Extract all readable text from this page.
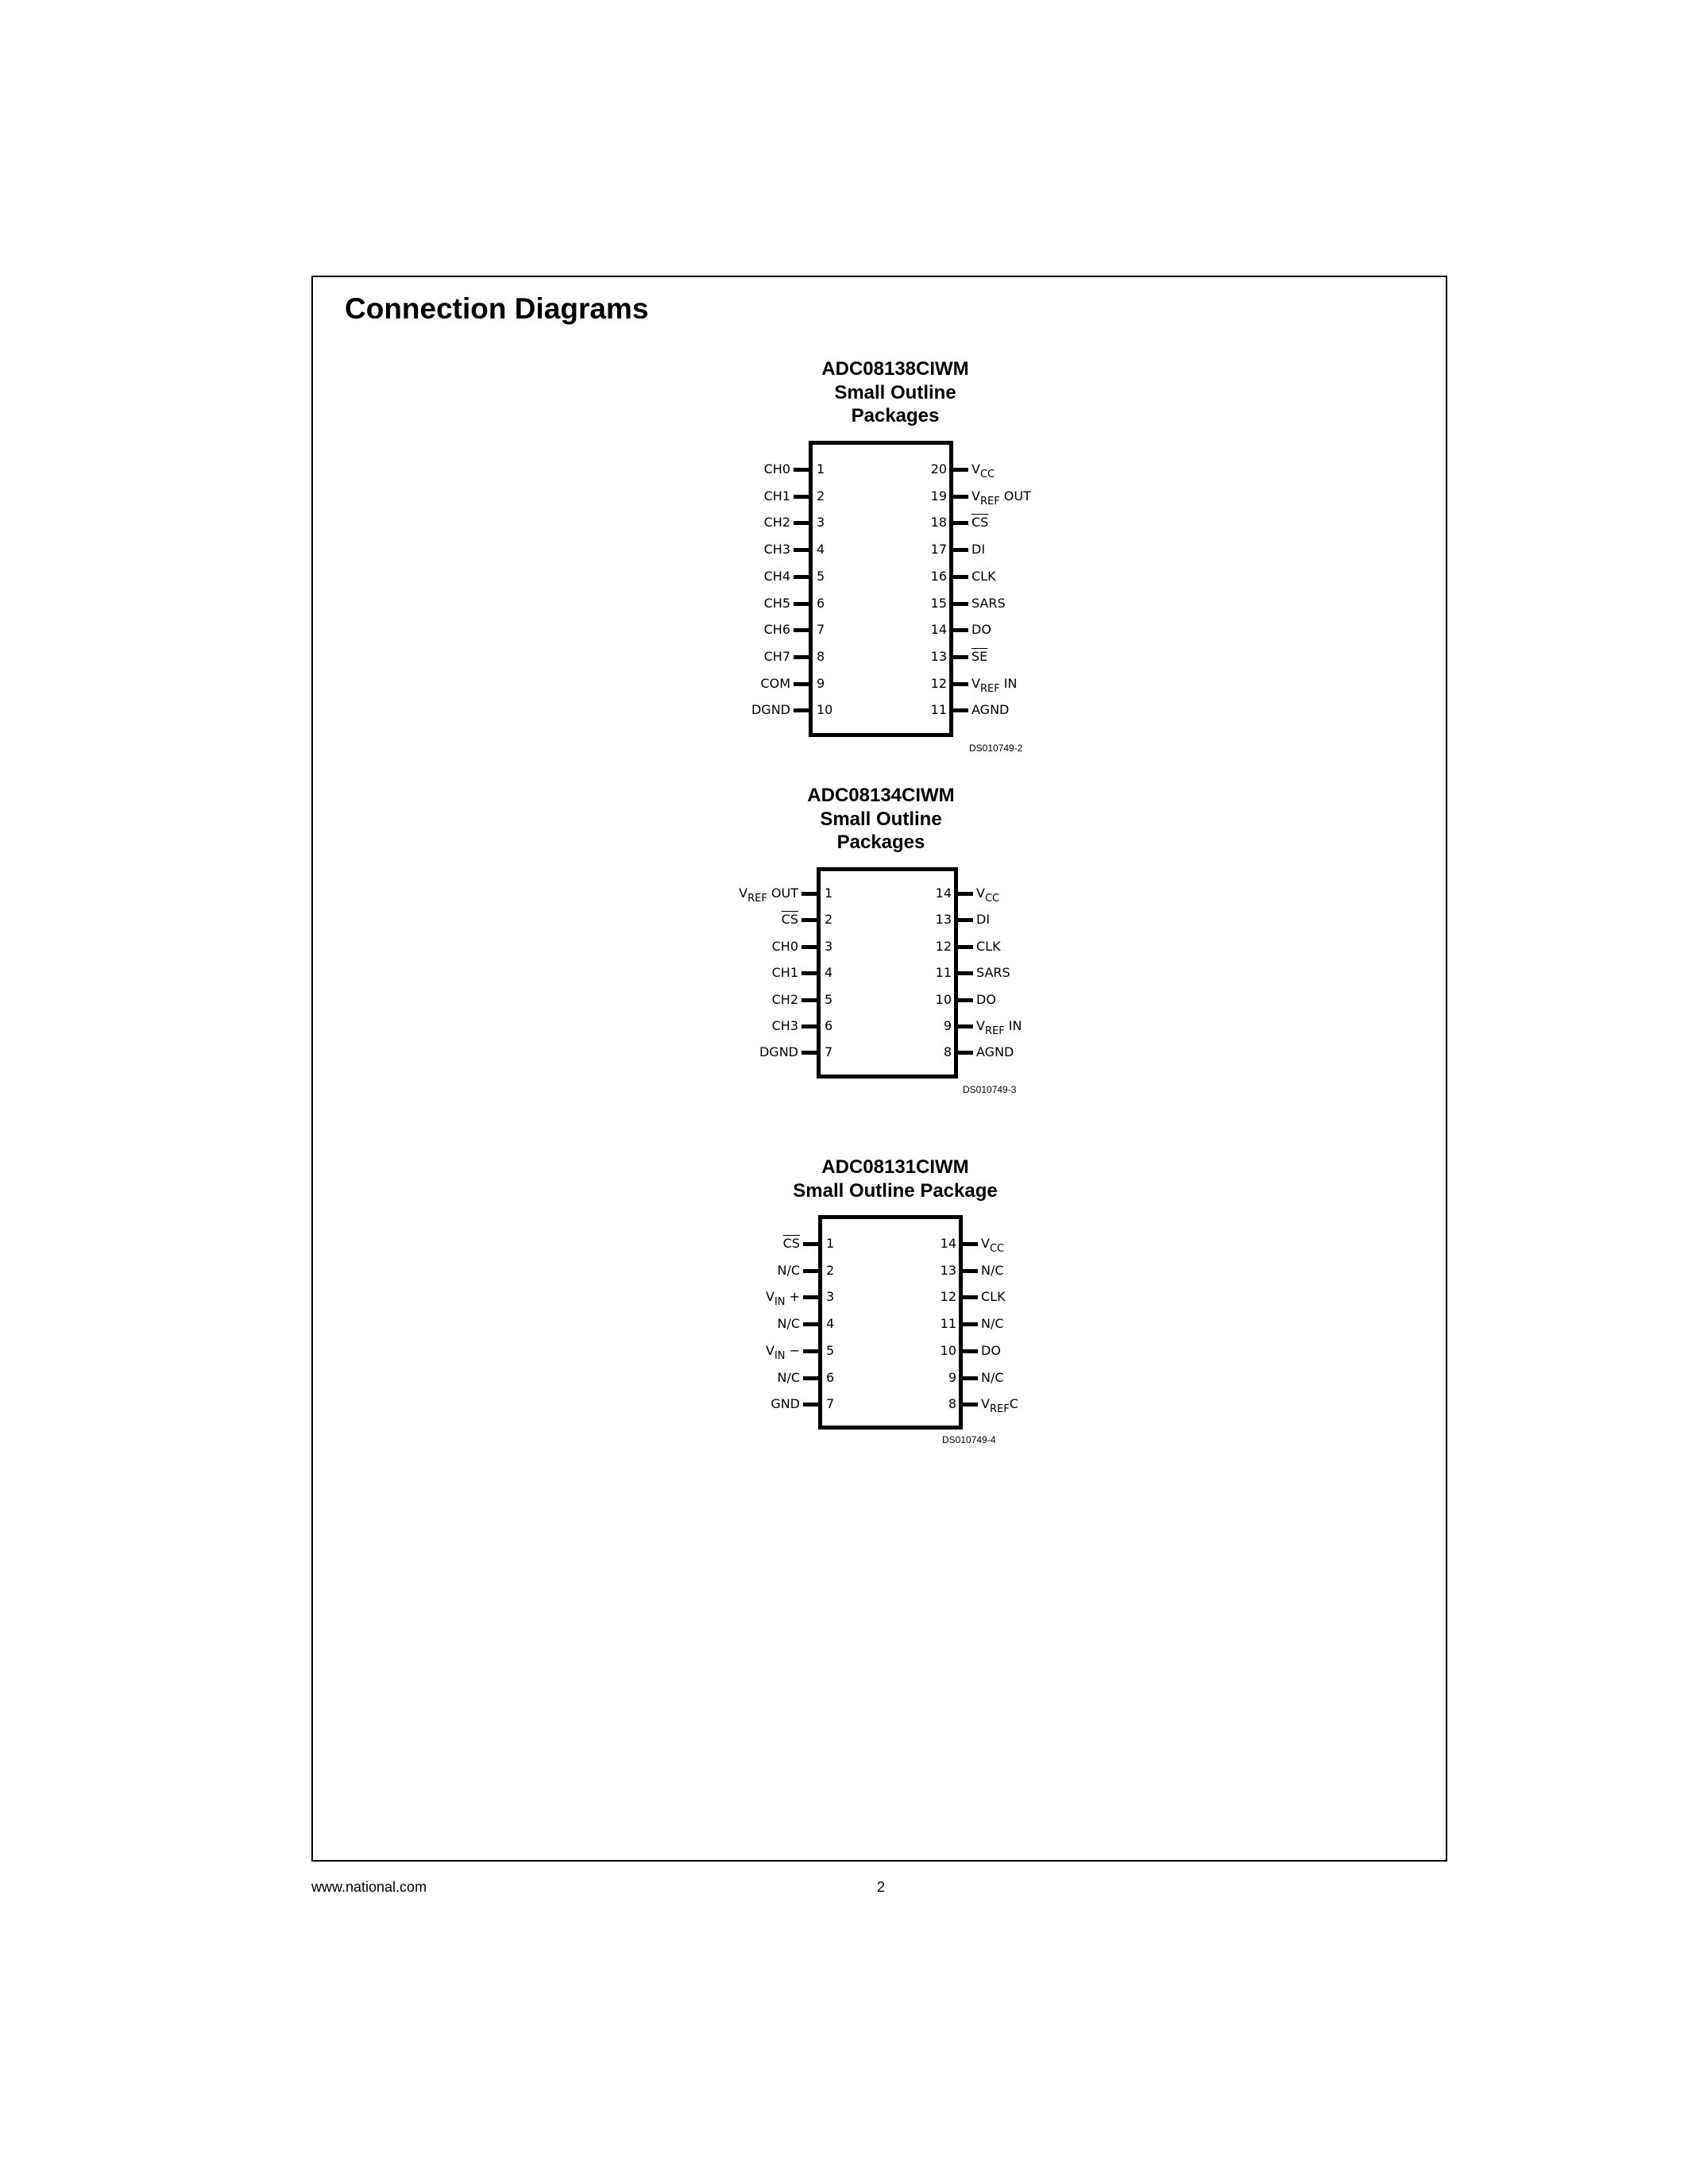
Connection Diagrams
ADC08138CIWM
Small Outline
Packages
1
CH0
2
CH1
3
CH2
4
CH3
5
CH4
6
CH5
7
CH6
8
CH7
9
COM
10
DGND
20 $V_{CC}$
19 $V_{REF}$ OUT
18 $\overline{CS}$
17 DI
16 CLK
15 SARS
14 DO
13 $\overline{SE}$
12 $V_{REF}$ IN
11 AGND
DS010749-2
ADC08134CIWM
Small Outline
Packages
1
$V_{REF}$ OUT
2
$\overline{CS}$
3
CH0
4
CH1
5
CH2
6
CH3
7
DGND
14 $V_{CC}$
13 DI
12 CLK
11 SARS
10 DO
9 $V_{REF}$ IN
8 AGND
DS010749-3
ADC08131CIWM
Small Outline Package
1
$\overline{CS}$
2
N/C
3
$V_{IN}$ +
4
N/C
5
$V_{IN}$ −
6
N/C
7
GND
14 $V_{CC}$
13 N/C
12 CLK
11 N/C
10 DO
9 N/C
8 $V_{REF}C$
DS010749-4
www.national.com	2
